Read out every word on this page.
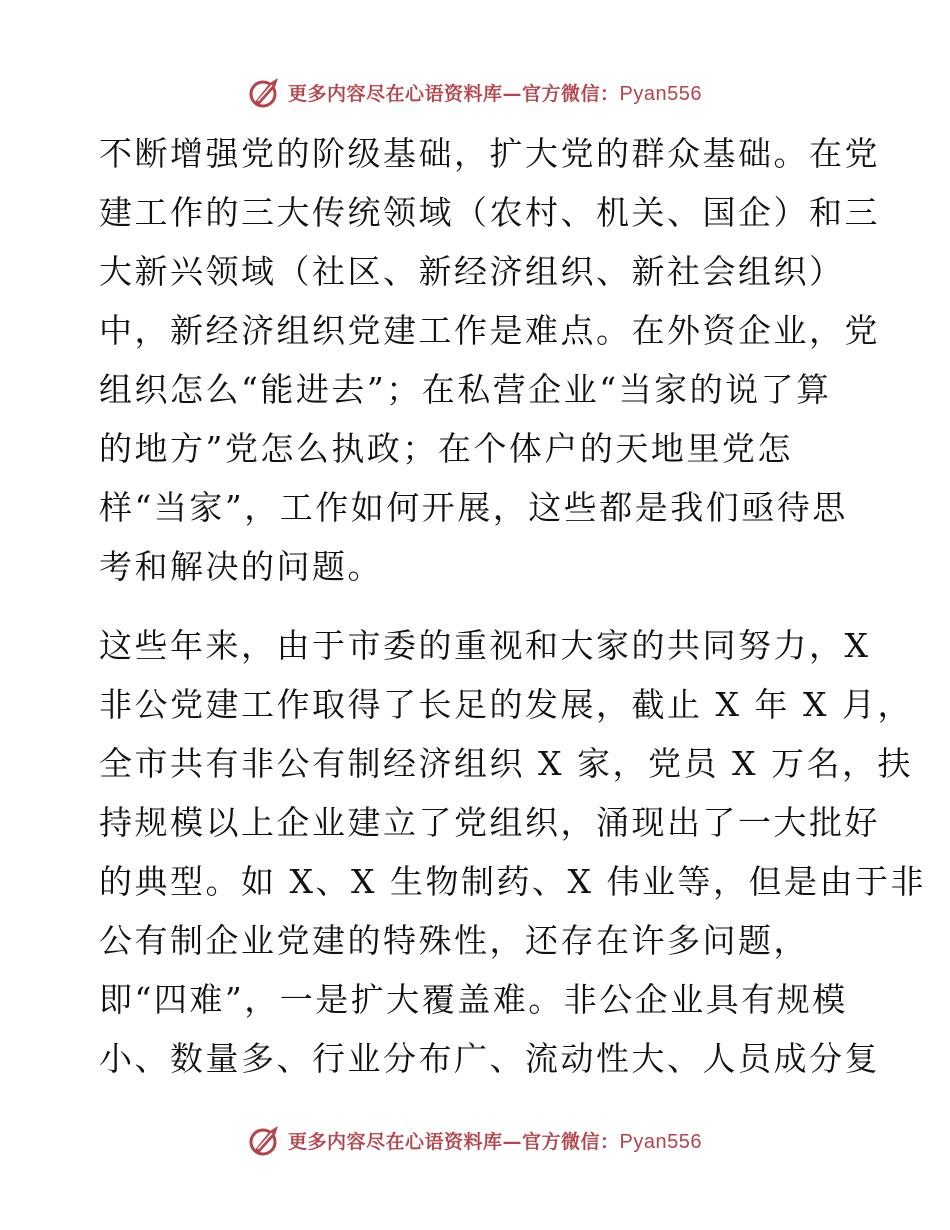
更多内容尽在心语资料库—官方微信：Pyan556
不断增强党的阶级基础，扩大党的群众基础。在党
建工作的三大传统领域（农村、机关、国企）和三
大新兴领域（社区、新经济组织、新社会组织）
中，新经济组织党建工作是难点。在外资企业，党
组织怎么“能进去”；在私营企业“当家的说了算
的地方”党怎么执政；在个体户的天地里党怎
样“当家”，工作如何开展，这些都是我们亟待思
考和解决的问题。
这些年来，由于市委的重视和大家的共同努力，X
非公党建工作取得了长足的发展，截止 X 年 X 月，
全市共有非公有制经济组织 X 家，党员 X 万名，扶
持规模以上企业建立了党组织，涌现出了一大批好
的典型。如 X、X 生物制药、X 伟业等，但是由于非
公有制企业党建的特殊性，还存在许多问题，
即“四难”，一是扩大覆盖难。非公企业具有规模
小、数量多、行业分布广、流动性大、人员成分复
更多内容尽在心语资料库—官方微信：Pyan556
